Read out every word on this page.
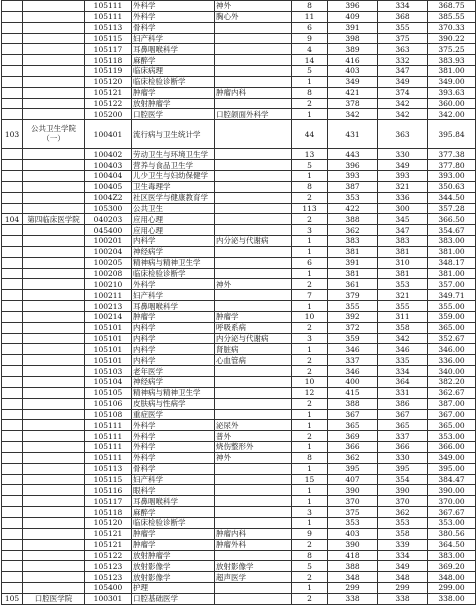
		105111	外科学	神外	8	396	334	368.75
		105111	外科学	胸心外	11	409	368	385.55
		105113	骨科学		6	391	355	370.33
		105115	妇产科学		9	398	375	390.22
		105117	耳鼻咽喉科学		4	389	363	375.25
		105118	麻醉学		14	416	332	383.93
		105119	临床病理		5	403	347	381.00
		105120	临床检验诊断学		1	349	349	349.00
		105121	肿瘤学	肿瘤内科	8	421	374	393.63
		105122	放射肿瘤学		2	378	342	360.00
		105200	口腔医学	口腔颌面外科学	1	342	342	342.00
103	公共卫生学院（一）	100401	流行病与卫生统计学		44	431	363	395.84
		100402	劳动卫生与环境卫生学		13	443	330	377.38
		100403	营养与食品卫生学		5	396	349	377.80
		100404	儿少卫生与妇幼保健学		1	393	393	393.00
		100405	卫生毒理学		8	387	321	350.63
		1004Z2	社区医学与健康教育学		2	353	336	344.50
		105300	公共卫生		113	422	300	357.28
104	第四临床医学院	040203	应用心理		2	388	345	366.50
		045400	应用心理		3	362	347	354.67
		100201	内科学	内分泌与代谢病	1	383	383	383.00
		100204	神经病学		1	381	381	381.00
		100205	精神病与精神卫生学		6	391	310	348.17
		100208	临床检验诊断学		1	381	381	381.00
		100210	外科学	神外	2	361	353	357.00
		100211	妇产科学		7	379	321	349.71
		100213	耳鼻咽喉科学		1	355	355	355.00
		100214	肿瘤学	肿瘤学	10	392	311	359.00
		105101	内科学	呼吸系病	2	372	358	365.00
		105101	内科学	内分泌与代谢病	3	359	342	352.67
		105101	内科学	肾脏病	1	346	346	346.00
		105101	内科学	心血管病	2	337	335	336.00
		105103	老年医学		2	346	334	340.00
		105104	神经病学		10	400	364	382.20
		105105	精神病与精神卫生学		12	415	331	362.67
		105106	皮肤病与性病学		2	388	386	387.00
		105108	重症医学		1	367	367	367.00
		105111	外科学	泌尿外	1	365	365	365.00
		105111	外科学	普外	2	369	337	353.00
		105111	外科学	烧伤整形外	1	366	366	366.00
		105111	外科学	神外	8	362	330	349.00
		105113	骨科学		1	395	395	395.00
		105115	妇产科学		15	407	354	384.47
		105116	眼科学		1	390	390	390.00
		105117	耳鼻咽喉科学		1	370	370	370.00
		105118	麻醉学		3	375	362	367.67
		105120	临床检验诊断学		1	353	353	353.00
		105121	肿瘤学	肿瘤内科	9	403	358	380.56
		105121	肿瘤学	肿瘤外科	2	390	339	364.50
		105122	放射肿瘤学		8	418	334	383.00
		105123	放射影像学	放射影像学	5	388	349	369.20
		105123	放射影像学	超声医学	2	348	348	348.00
		105400	护理		1	299	299	299.00
105	口腔医学院	100301	口腔基础医学		2	338	338	338.00
